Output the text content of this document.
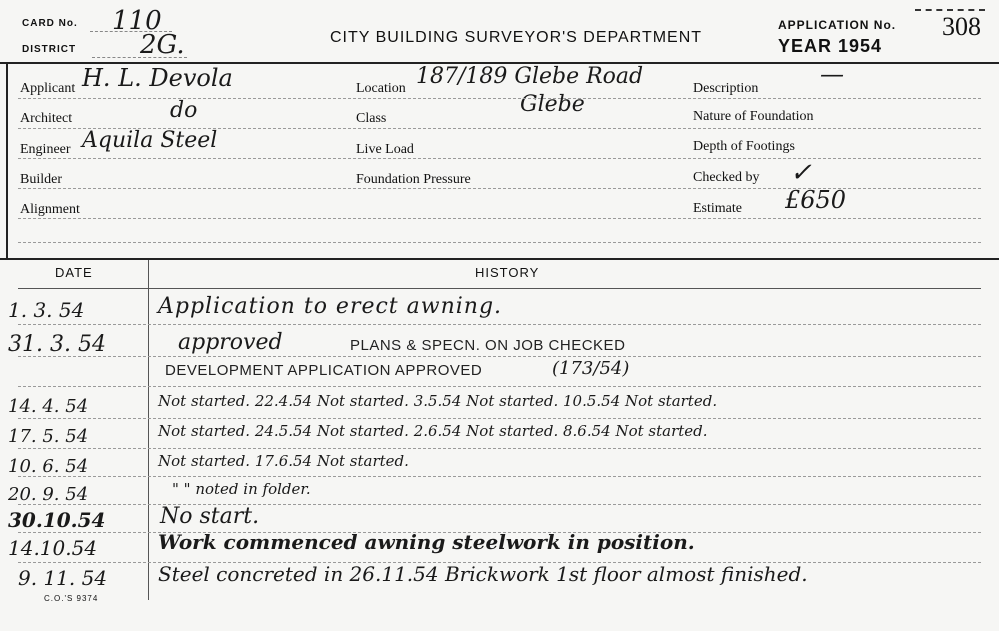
CARD No. 110
DISTRICT 2G.	CITY BUILDING SURVEYOR'S DEPARTMENT
APPLICATION No. 308
YEAR 1954
Applicant H. L. Devola
Architect	do
Engineer Aquila Steel
Builder
Alignment
Location 187/189 Glebe Road
Class
Glebe
Live Load
Foundation Pressure
Description
—
Nature of Foundation
Depth of Footings
Checked by ✓
Estimate £650
DATE	HISTORY
1. 3. 54	Application to erect awning.
31. 3. 54	approved	PLANS & SPECN. ON JOB CHECKED
DEVELOPMENT APPLICATION APPROVED	(173/54)
14. 4. 54	Not started. 22.4.54 Not started. 3.5.54 Not started. 10.5.54 Not started.
17. 5. 54	Not started. 24.5.54 Not started. 2.6.54 Not started. 8.6.54 Not started.
10. 6. 54	Not started. 17.6.54 Not started.
20. 9. 54	" " noted in folder.
30.10.54 No start.
14.10.54	Work commenced awning steelwork in position.
9. 11. 54	Steel concreted in 26.11.54 Brickwork 1st floor almost finished.
C.O.'S 9374
